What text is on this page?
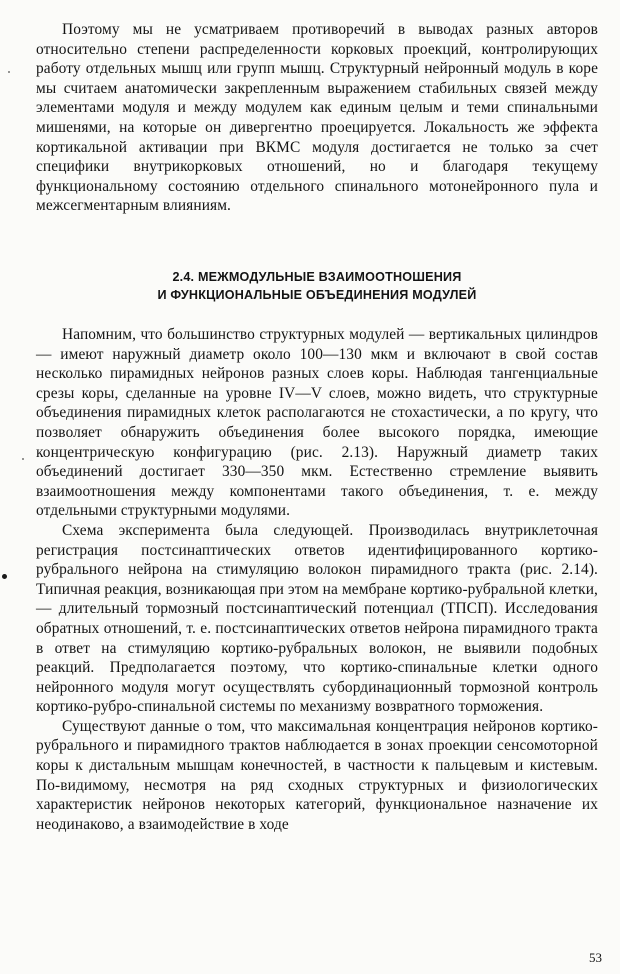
Поэтому мы не усматриваем противоречий в выводах разных авторов относительно степени распределенности корковых проекций, контролирующих работу отдельных мышц или групп мышц. Структурный нейронный модуль в коре мы считаем анатомически закрепленным выражением стабильных связей между элементами модуля и между модулем как единым целым и теми спинальными мишенями, на которые он дивергентно проецируется. Локальность же эффекта кортикальной активации при ВКМС модуля достигается не только за счет специфики внутрикорковых отношений, но и благодаря текущему функциональному состоянию отдельного спинального мотонейронного пула и межсегментарным влияниям.

2.4. МЕЖМОДУЛЬНЫЕ ВЗАИМООТНОШЕНИЯ
И ФУНКЦИОНАЛЬНЫЕ ОБЪЕДИНЕНИЯ МОДУЛЕЙ

Напомним, что большинство структурных модулей — вертикальных цилиндров — имеют наружный диаметр около 100—130 мкм и включают в свой состав несколько пирамидных нейронов разных слоев коры. Наблюдая тангенциальные срезы коры, сделанные на уровне IV—V слоев, можно видеть, что структурные объединения пирамидных клеток располагаются не стохастически, а по кругу, что позволяет обнаружить объединения более высокого порядка, имеющие концентрическую конфигурацию (рис. 2.13). Наружный диаметр таких объединений достигает 330—350 мкм. Естественно стремление выявить взаимоотношения между компонентами такого объединения, т. е. между отдельными структурными модулями.

Схема эксперимента была следующей. Производилась внутриклеточная регистрация постсинаптических ответов идентифицированного кортико-рубрального нейрона на стимуляцию волокон пирамидного тракта (рис. 2.14). Типичная реакция, возникающая при этом на мембране кортико-рубральной клетки, — длительный тормозный постсинаптический потенциал (ТПСП). Исследования обратных отношений, т. е. постсинаптических ответов нейрона пирамидного тракта в ответ на стимуляцию кортико-рубральных волокон, не выявили подобных реакций. Предполагается поэтому, что кортико-спинальные клетки одного нейронного модуля могут осуществлять субординационный тормозной контроль кортико-рубро-спинальной системы по механизму возвратного торможения.

Существуют данные о том, что максимальная концентрация нейронов кортико-рубрального и пирамидного трактов наблюдается в зонах проекции сенсомоторной коры к дистальным мышцам конечностей, в частности к пальцевым и кистевым. По-видимому, несмотря на ряд сходных структурных и физиологических характеристик нейронов некоторых категорий, функциональное назначение их неодинаково, а взаимодействие в ходе

53
